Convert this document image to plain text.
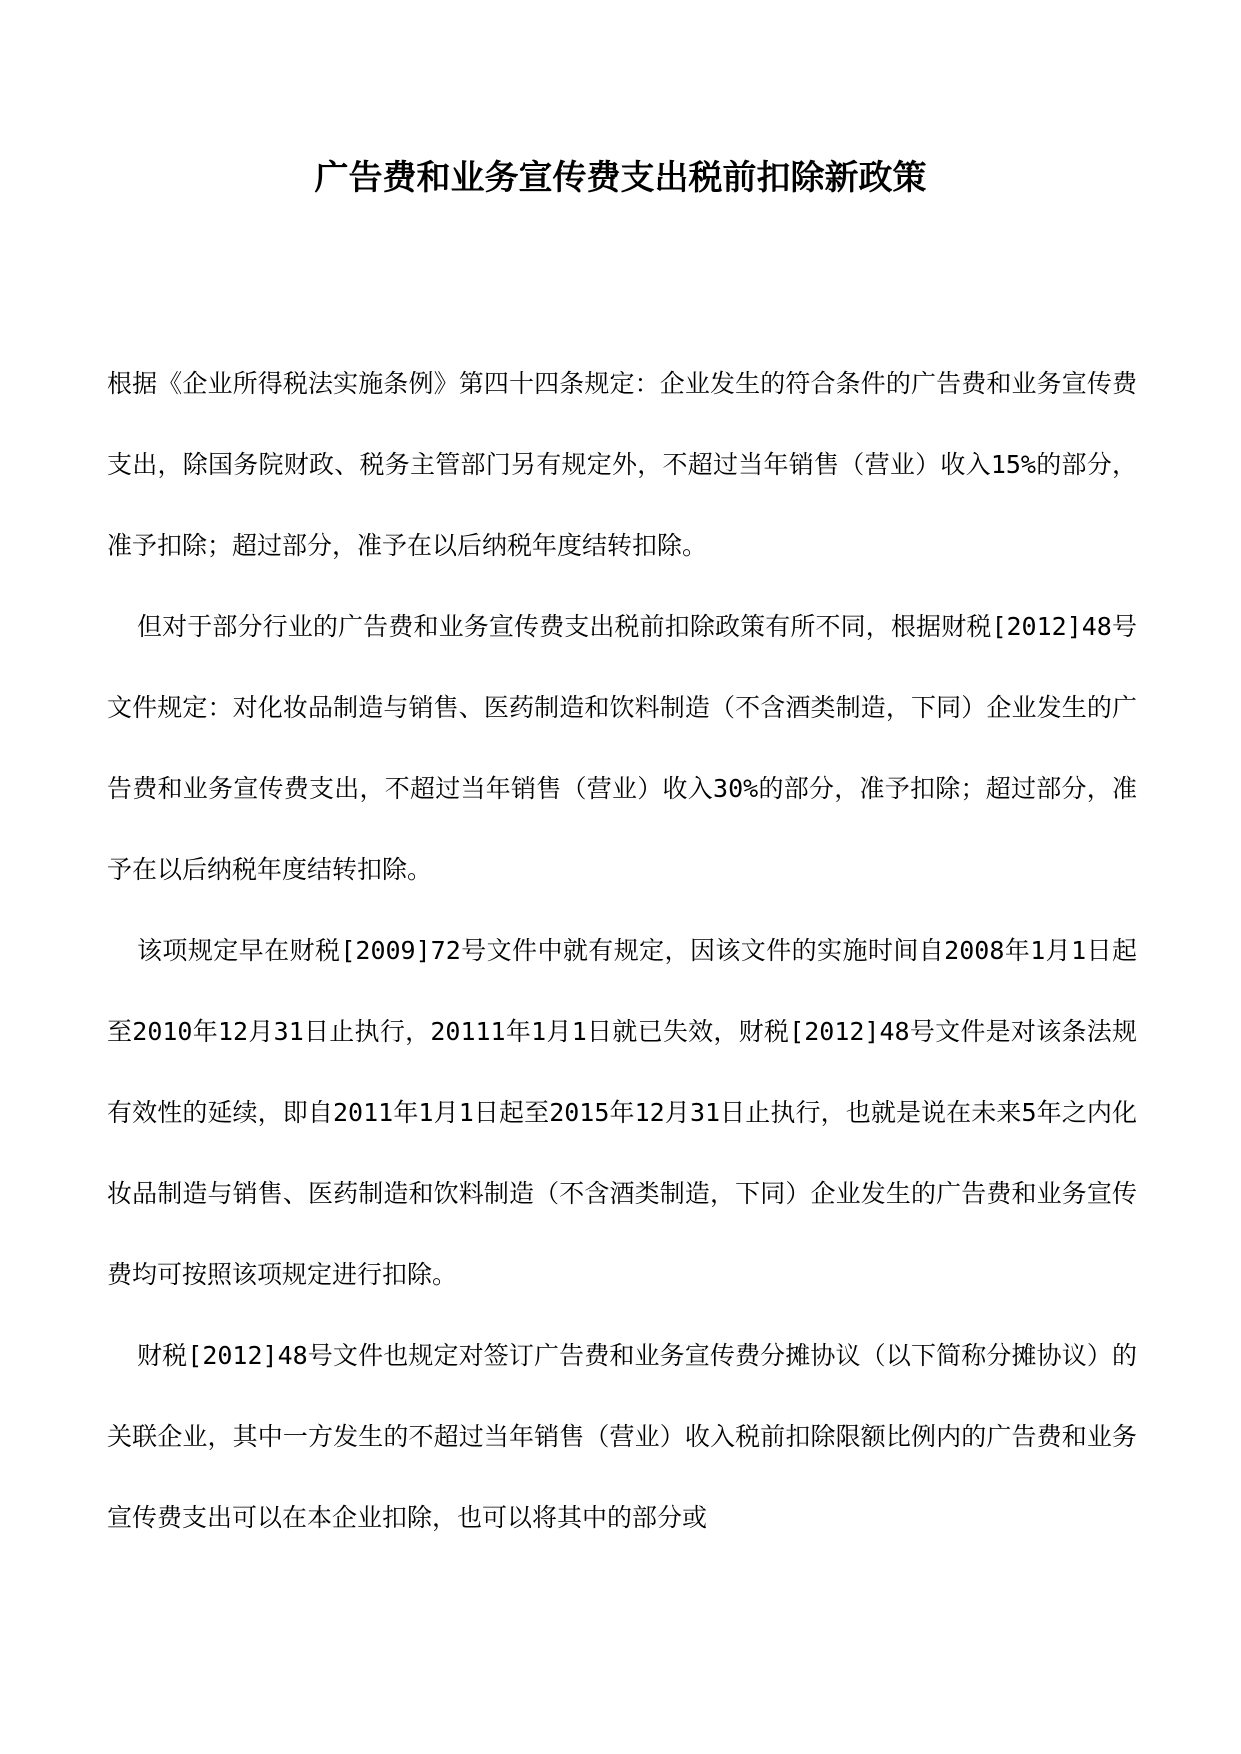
广告费和业务宣传费支出税前扣除新政策

根据《企业所得税法实施条例》第四十四条规定：企业发生的符合条件的广告费和业务宣传费支出，除国务院财政、税务主管部门另有规定外，不超过当年销售（营业）收入15%的部分，准予扣除；超过部分，准予在以后纳税年度结转扣除。

但对于部分行业的广告费和业务宣传费支出税前扣除政策有所不同，根据财税[2012]48号文件规定：对化妆品制造与销售、医药制造和饮料制造（不含酒类制造，下同）企业发生的广告费和业务宣传费支出，不超过当年销售（营业）收入30%的部分，准予扣除；超过部分，准予在以后纳税年度结转扣除。

该项规定早在财税[2009]72号文件中就有规定，因该文件的实施时间自2008年1月1日起至2010年12月31日止执行，20111年1月1日就已失效，财税[2012]48号文件是对该条法规有效性的延续，即自2011年1月1日起至2015年12月31日止执行，也就是说在未来5年之内化妆品制造与销售、医药制造和饮料制造（不含酒类制造，下同）企业发生的广告费和业务宣传费均可按照该项规定进行扣除。

财税[2012]48号文件也规定对签订广告费和业务宣传费分摊协议（以下简称分摊协议）的关联企业，其中一方发生的不超过当年销售（营业）收入税前扣除限额比例内的广告费和业务宣传费支出可以在本企业扣除，也可以将其中的部分或
